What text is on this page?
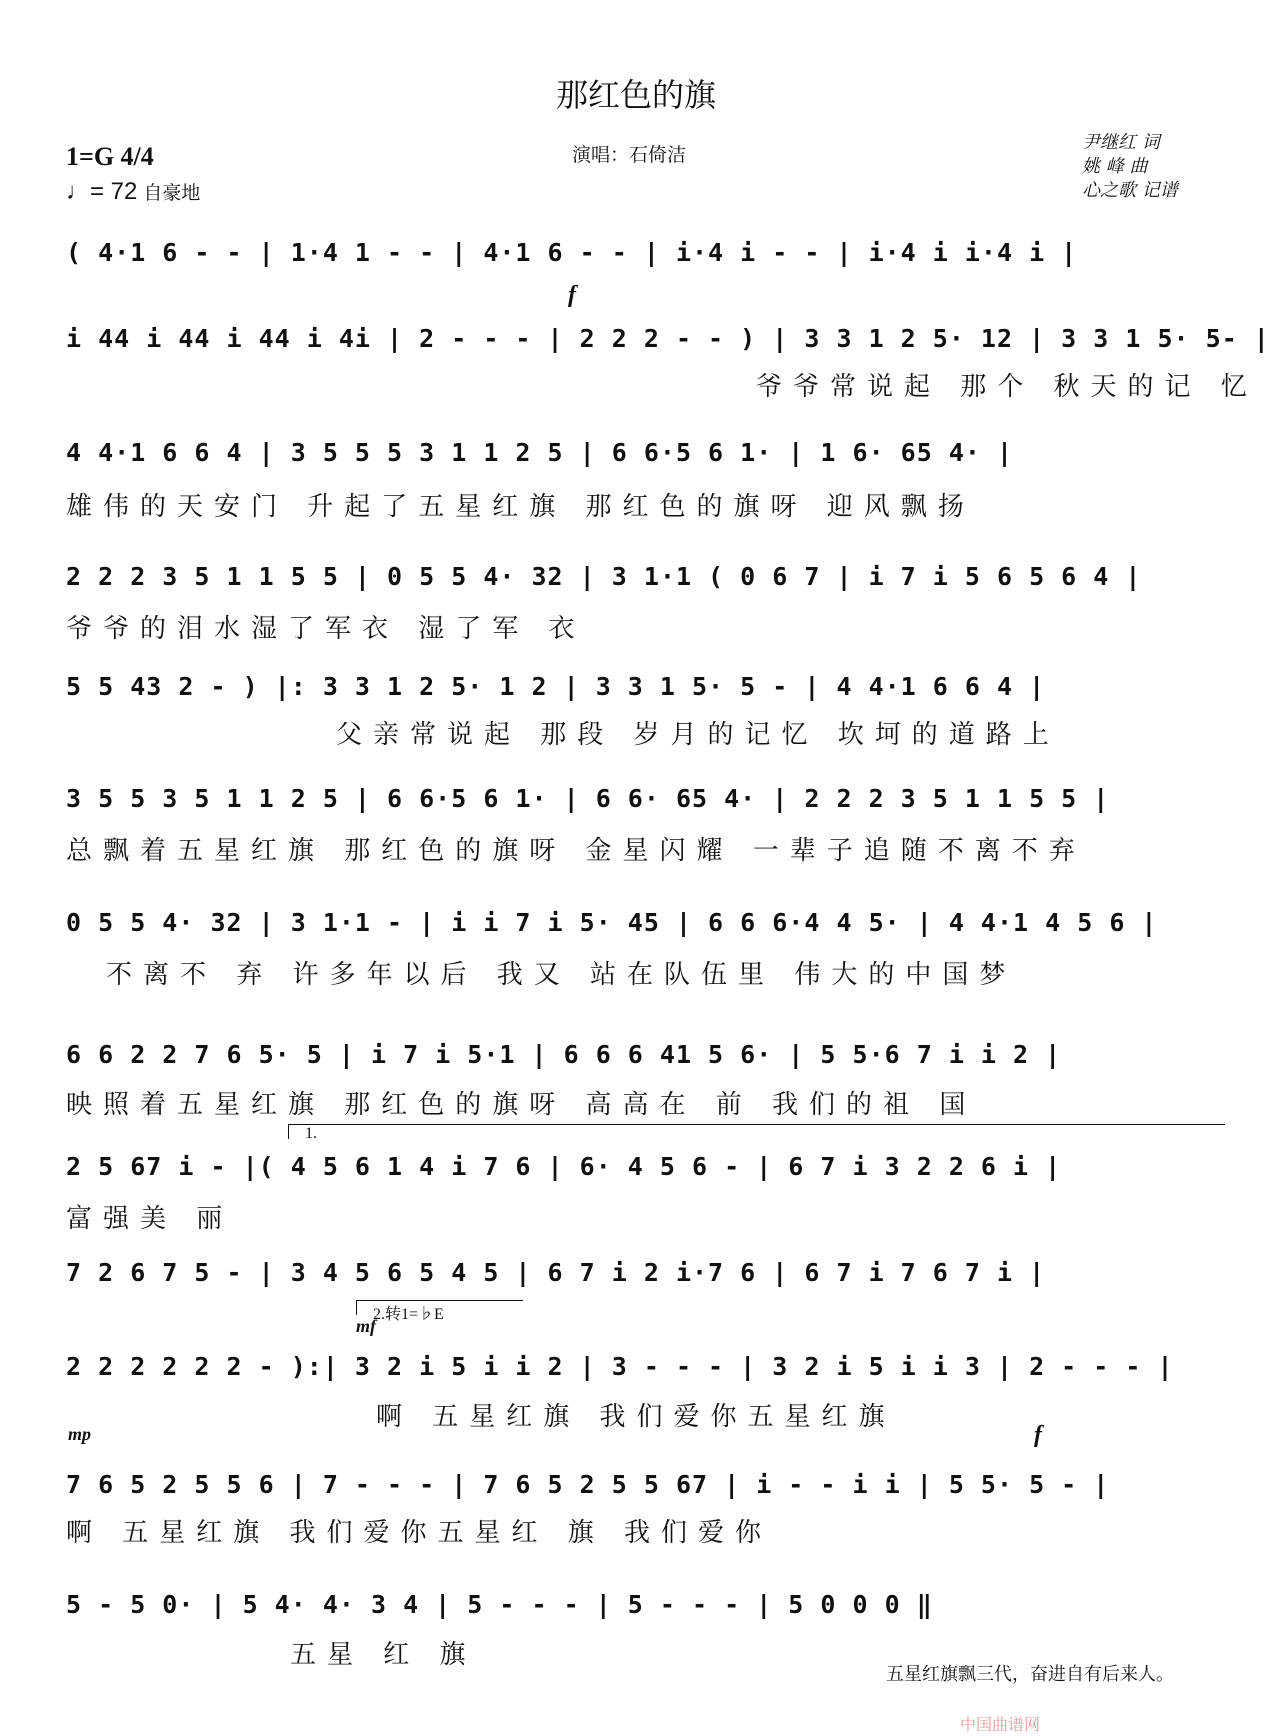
那红色的旗
1=G 4/4
♩= 72 自豪地
演唱：石倚洁
尹继红 词
姚 峰 曲
心之歌 记谱
f
mf
mp	f
1.
2.转1=♭E
( 4·1 6 - - | 1·4 1 - - | 4·1 6 - - | i·4 i - - | i·4 i i·4 i |
i 44 i 44 i 44 i 4i | 2 - - - | 2 2 2 - - ) | 3 3 1 2 5· 12 | 3 3 1 5· 5- |
爷爷常说起 那个 秋天的记 忆
4 4·1 6 6 4 | 3 5 5 5 3 1 1 2 5 | 6 6·5 6 1· | 1 6· 65 4· |
雄伟的天安门 升起了五星红旗 那红色的旗呀 迎风飘扬
2 2 2 3 5 1 1 5 5 | 0 5 5 4· 32 | 3 1·1 ( 0 6 7 | i 7 i 5 6 5 6 4 |
爷爷的泪水湿了军衣 湿了军 衣
5 5 43 2 - ) |: 3 3 1 2 5· 1 2 | 3 3 1 5· 5 - | 4 4·1 6 6 4 |
父亲常说起 那段 岁月的记忆 坎坷的道路上
3 5 5 3 5 1 1 2 5 | 6 6·5 6 1· | 6 6· 65 4· | 2 2 2 3 5 1 1 5 5 |
总飘着五星红旗 那红色的旗呀 金星闪耀 一辈子追随不离不弃
0 5 5 4· 32 | 3 1·1 - | i i 7 i 5· 45 | 6 6 6·4 4 5· | 4 4·1 4 5 6 |
不离不 弃 许多年以后 我又 站在队伍里 伟大的中国梦
6 6 2 2 7 6 5· 5 | i 7 i 5·1 | 6 6 6 41 5 6· | 5 5·6 7 i i 2 |
映照着五星红旗 那红色的旗呀 高高在 前 我们的祖 国
2 5 67 i - |( 4 5 6 1 4 i 7 6 | 6· 4 5 6 - | 6 7 i 3 2 2 6 i |
富强美 丽
7 2 6 7 5 - | 3 4 5 6 5 4 5 | 6 7 i 2 i·7 6 | 6 7 i 7 6 7 i |
2 2 2 2 2 2 - ):| 3 2 i 5 i i 2 | 3 - - - | 3 2 i 5 i i 3 | 2 - - - |
啊 五星红旗 我们爱你五星红旗
7 6 5 2 5 5 6 | 7 - - - | 7 6 5 2 5 5 67 | i - - i i | 5 5· 5 - |
啊 五星红旗 我们爱你五星红 旗 我们爱你
5 - 5 0· | 5 4· 4· 3 4 | 5 - - - | 5 - - - | 5 0 0 0 ‖
五星 红 旗
五星红旗飘三代，奋进自有后来人。
中国曲谱网
